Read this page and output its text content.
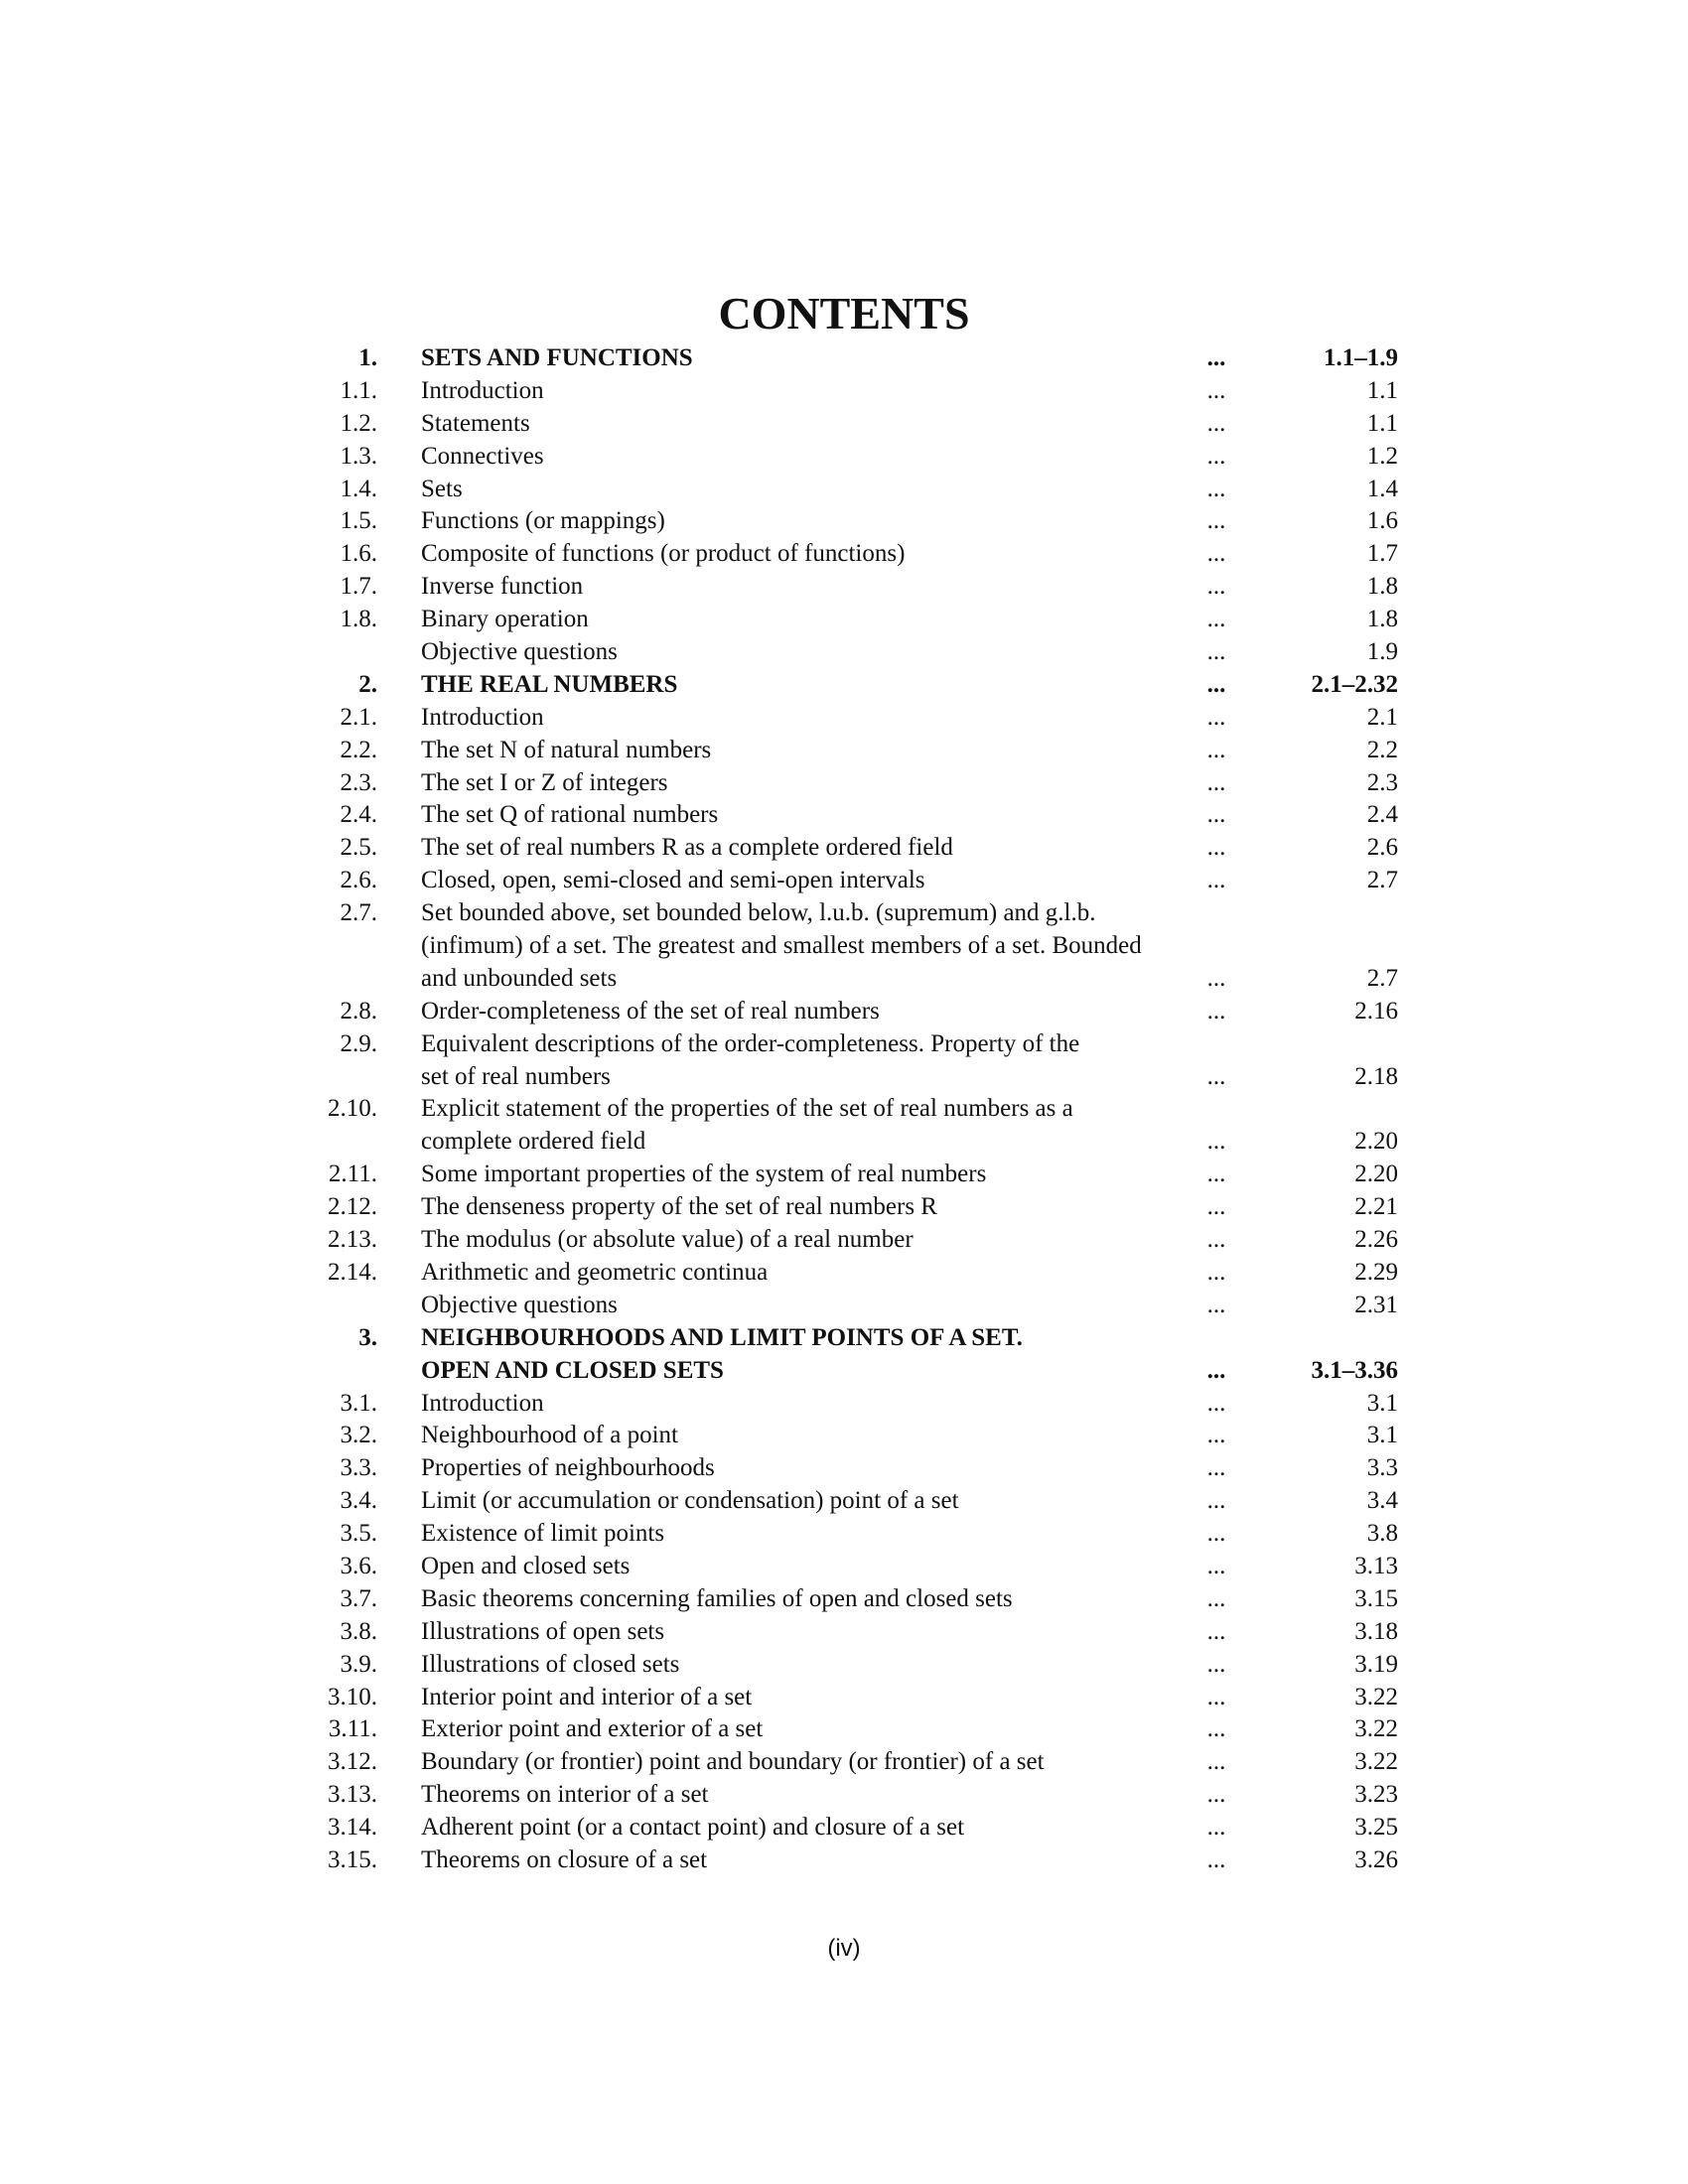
CONTENTS
1. SETS AND FUNCTIONS	...	1.1–1.9
1.1. Introduction	...	1.1
1.2. Statements	...	1.1
1.3. Connectives	...	1.2
1.4. Sets	...	1.4
1.5. Functions (or mappings)	...	1.6
1.6. Composite of functions (or product of functions)	...	1.7
1.7. Inverse function	...	1.8
1.8. Binary operation	...	1.8
Objective questions	...	1.9
2. THE REAL NUMBERS	...	2.1–2.32
2.1. Introduction	...	2.1
2.2. The set N of natural numbers	...	2.2
2.3. The set I or Z of integers	...	2.3
2.4. The set Q of rational numbers	...	2.4
2.5. The set of real numbers R as a complete ordered field	...	2.6
2.6. Closed, open, semi-closed and semi-open intervals	...	2.7
2.7. Set bounded above, set bounded below, l.u.b. (supremum) and g.l.b.
(infimum) of a set. The greatest and smallest members of a set. Bounded
and unbounded sets	...	2.7
2.8. Order-completeness of the set of real numbers	...	2.16
2.9. Equivalent descriptions of the order-completeness. Property of the
set of real numbers	...	2.18
2.10. Explicit statement of the properties of the set of real numbers as a
complete ordered field	...	2.20
2.11. Some important properties of the system of real numbers	...	2.20
2.12. The denseness property of the set of real numbers R	...	2.21
2.13. The modulus (or absolute value) of a real number	...	2.26
2.14. Arithmetic and geometric continua	...	2.29
Objective questions	...	2.31
3. NEIGHBOURHOODS AND LIMIT POINTS OF A SET.
OPEN AND CLOSED SETS	...	3.1–3.36
3.1. Introduction	...	3.1
3.2. Neighbourhood of a point	...	3.1
3.3. Properties of neighbourhoods	...	3.3
3.4. Limit (or accumulation or condensation) point of a set	...	3.4
3.5. Existence of limit points	...	3.8
3.6. Open and closed sets	...	3.13
3.7. Basic theorems concerning families of open and closed sets	...	3.15
3.8. Illustrations of open sets	...	3.18
3.9. Illustrations of closed sets	...	3.19
3.10. Interior point and interior of a set	...	3.22
3.11. Exterior point and exterior of a set	...	3.22
3.12. Boundary (or frontier) point and boundary (or frontier) of a set	...	3.22
3.13. Theorems on interior of a set	...	3.23
3.14. Adherent point (or a contact point) and closure of a set	...	3.25
3.15. Theorems on closure of a set	...	3.26
(iv)
